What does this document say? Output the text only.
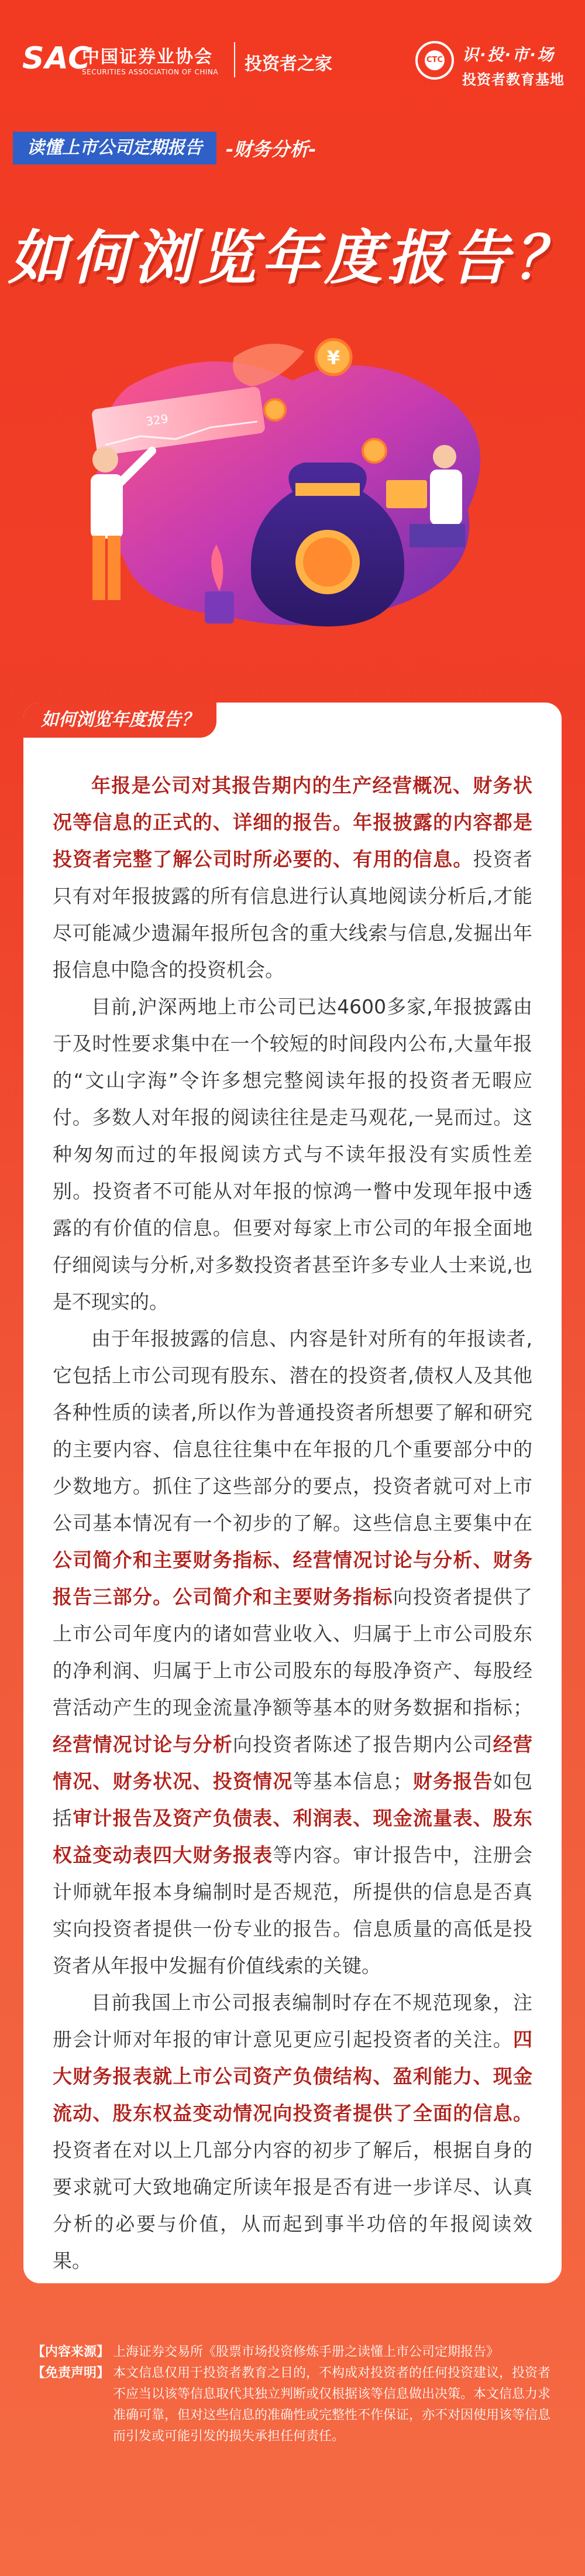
SAC
中国证券业协会
SECURITIES ASSOCIATION OF CHINA 投资者之家	CTC 识·投·市·场
投资者教育基地
读懂上市公司定期报告	-财务分析-
如何浏览年度报告？
329
¥
如何浏览年度报告？

年报是公司对其报告期内的生产经营概况、财务状况等信息的正式的、详细的报告。年报披露的内容都是投资者完整了解公司时所必要的、有用的信息。投资者只有对年报披露的所有信息进行认真地阅读分析后,才能尽可能减少遗漏年报所包含的重大线索与信息,发掘出年报信息中隐含的投资机会。

目前,沪深两地上市公司已达4600多家,年报披露由于及时性要求集中在一个较短的时间段内公布,大量年报的“文山字海”令许多想完整阅读年报的投资者无暇应付。多数人对年报的阅读往往是走马观花,一晃而过。这种匆匆而过的年报阅读方式与不读年报没有实质性差别。投资者不可能从对年报的惊鸿一瞥中发现年报中透露的有价值的信息。但要对每家上市公司的年报全面地仔细阅读与分析,对多数投资者甚至许多专业人士来说,也是不现实的。

由于年报披露的信息、内容是针对所有的年报读者,它包括上市公司现有股东、潜在的投资者,债权人及其他各种性质的读者,所以作为普通投资者所想要了解和研究的主要内容、信息往往集中在年报的几个重要部分中的少数地方。抓住了这些部分的要点，投资者就可对上市公司基本情况有一个初步的了解。这些信息主要集中在公司简介和主要财务指标、经营情况讨论与分析、财务报告三部分。公司简介和主要财务指标向投资者提供了上市公司年度内的诸如营业收入、归属于上市公司股东的净利润、归属于上市公司股东的每股净资产、每股经营活动产生的现金流量净额等基本的财务数据和指标；经营情况讨论与分析向投资者陈述了报告期内公司经营情况、财务状况、投资情况等基本信息；财务报告如包括审计报告及资产负债表、利润表、现金流量表、股东权益变动表四大财务报表等内容。审计报告中，注册会计师就年报本身编制时是否规范，所提供的信息是否真实向投资者提供一份专业的报告。信息质量的高低是投资者从年报中发掘有价值线索的关键。

目前我国上市公司报表编制时存在不规范现象，注册会计师对年报的审计意见更应引起投资者的关注。四大财务报表就上市公司资产负债结构、盈利能力、现金流动、股东权益变动情况向投资者提供了全面的信息。投资者在对以上几部分内容的初步了解后，根据自身的要求就可大致地确定所读年报是否有进一步详尽、认真分析的必要与价值，从而起到事半功倍的年报阅读效果。

【内容来源】 上海证券交易所《股票市场投资修炼手册之读懂上市公司定期报告》
【免责声明】 本文信息仅用于投资者教育之目的，不构成对投资者的任何投资建议，投资者不应当以该等信息取代其独立判断或仅根据该等信息做出决策。本文信息力求准确可靠，但对这些信息的准确性或完整性不作保证，亦不对因使用该等信息而引发或可能引发的损失承担任何责任。
